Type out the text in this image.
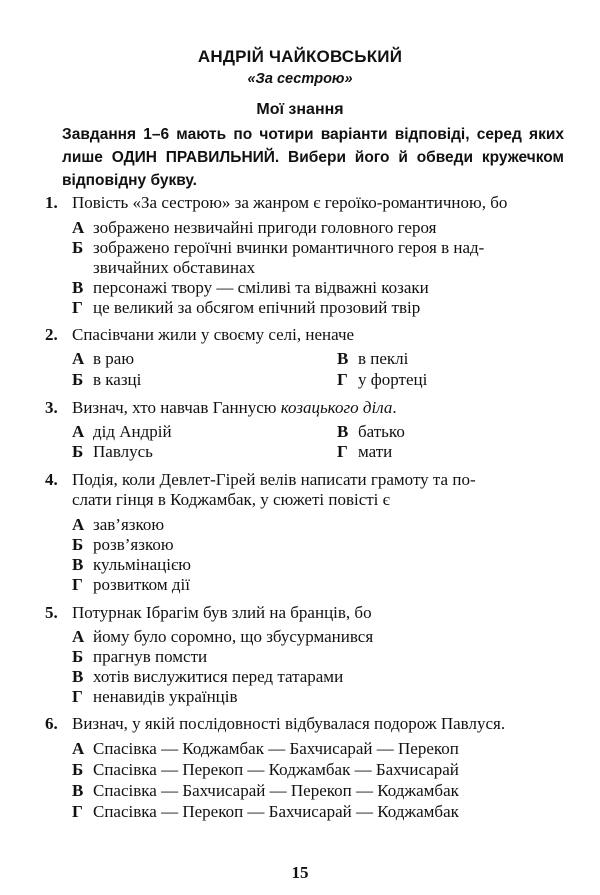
АНДРІЙ ЧАЙКОВСЬКИЙ
«За сестрою»
Мої знання
Завдання 1–6 мають по чотири варіанти відповіді, серед яких лише ОДИН ПРАВИЛЬНИЙ. Вибери його й обведи кружечком відповідну букву.
1. Повість «За сестрою» за жанром є героїко-романтичною, бо
А зображено незвичайні пригоди головного героя
Б зображено героїчні вчинки романтичного героя в над-
звичайних обставинах
В персонажі твору — сміливі та відважні козаки
Г це великий за обсягом епічний прозовий твір
2. Спасівчани жили у своєму селі, неначе
А в раю	В в пеклі
Б в казці	Г у фортеці
3. Визнач, хто навчав Ганнусю козацького діла.
А дід Андрій	В батько
Б Павлусь	Г мати
4. Подія, коли Девлет-Гірей велів написати грамоту та по-
слати гінця в Коджамбак, у сюжеті повісті є
А зав’язкою
Б розв’язкою
В кульмінацією
Г розвитком дії
5. Потурнак Ібрагім був злий на бранців, бо
А йому було соромно, що збусурманився
Б прагнув помсти
В хотів вислужитися перед татарами
Г ненавидів українців
6. Визнач, у якій послідовності відбувалася подорож Павлуся.
А Спасівка — Коджамбак — Бахчисарай — Перекоп
Б Спасівка — Перекоп — Коджамбак — Бахчисарай
В Спасівка — Бахчисарай — Перекоп — Коджамбак
Г Спасівка — Перекоп — Бахчисарай — Коджамбак
15
